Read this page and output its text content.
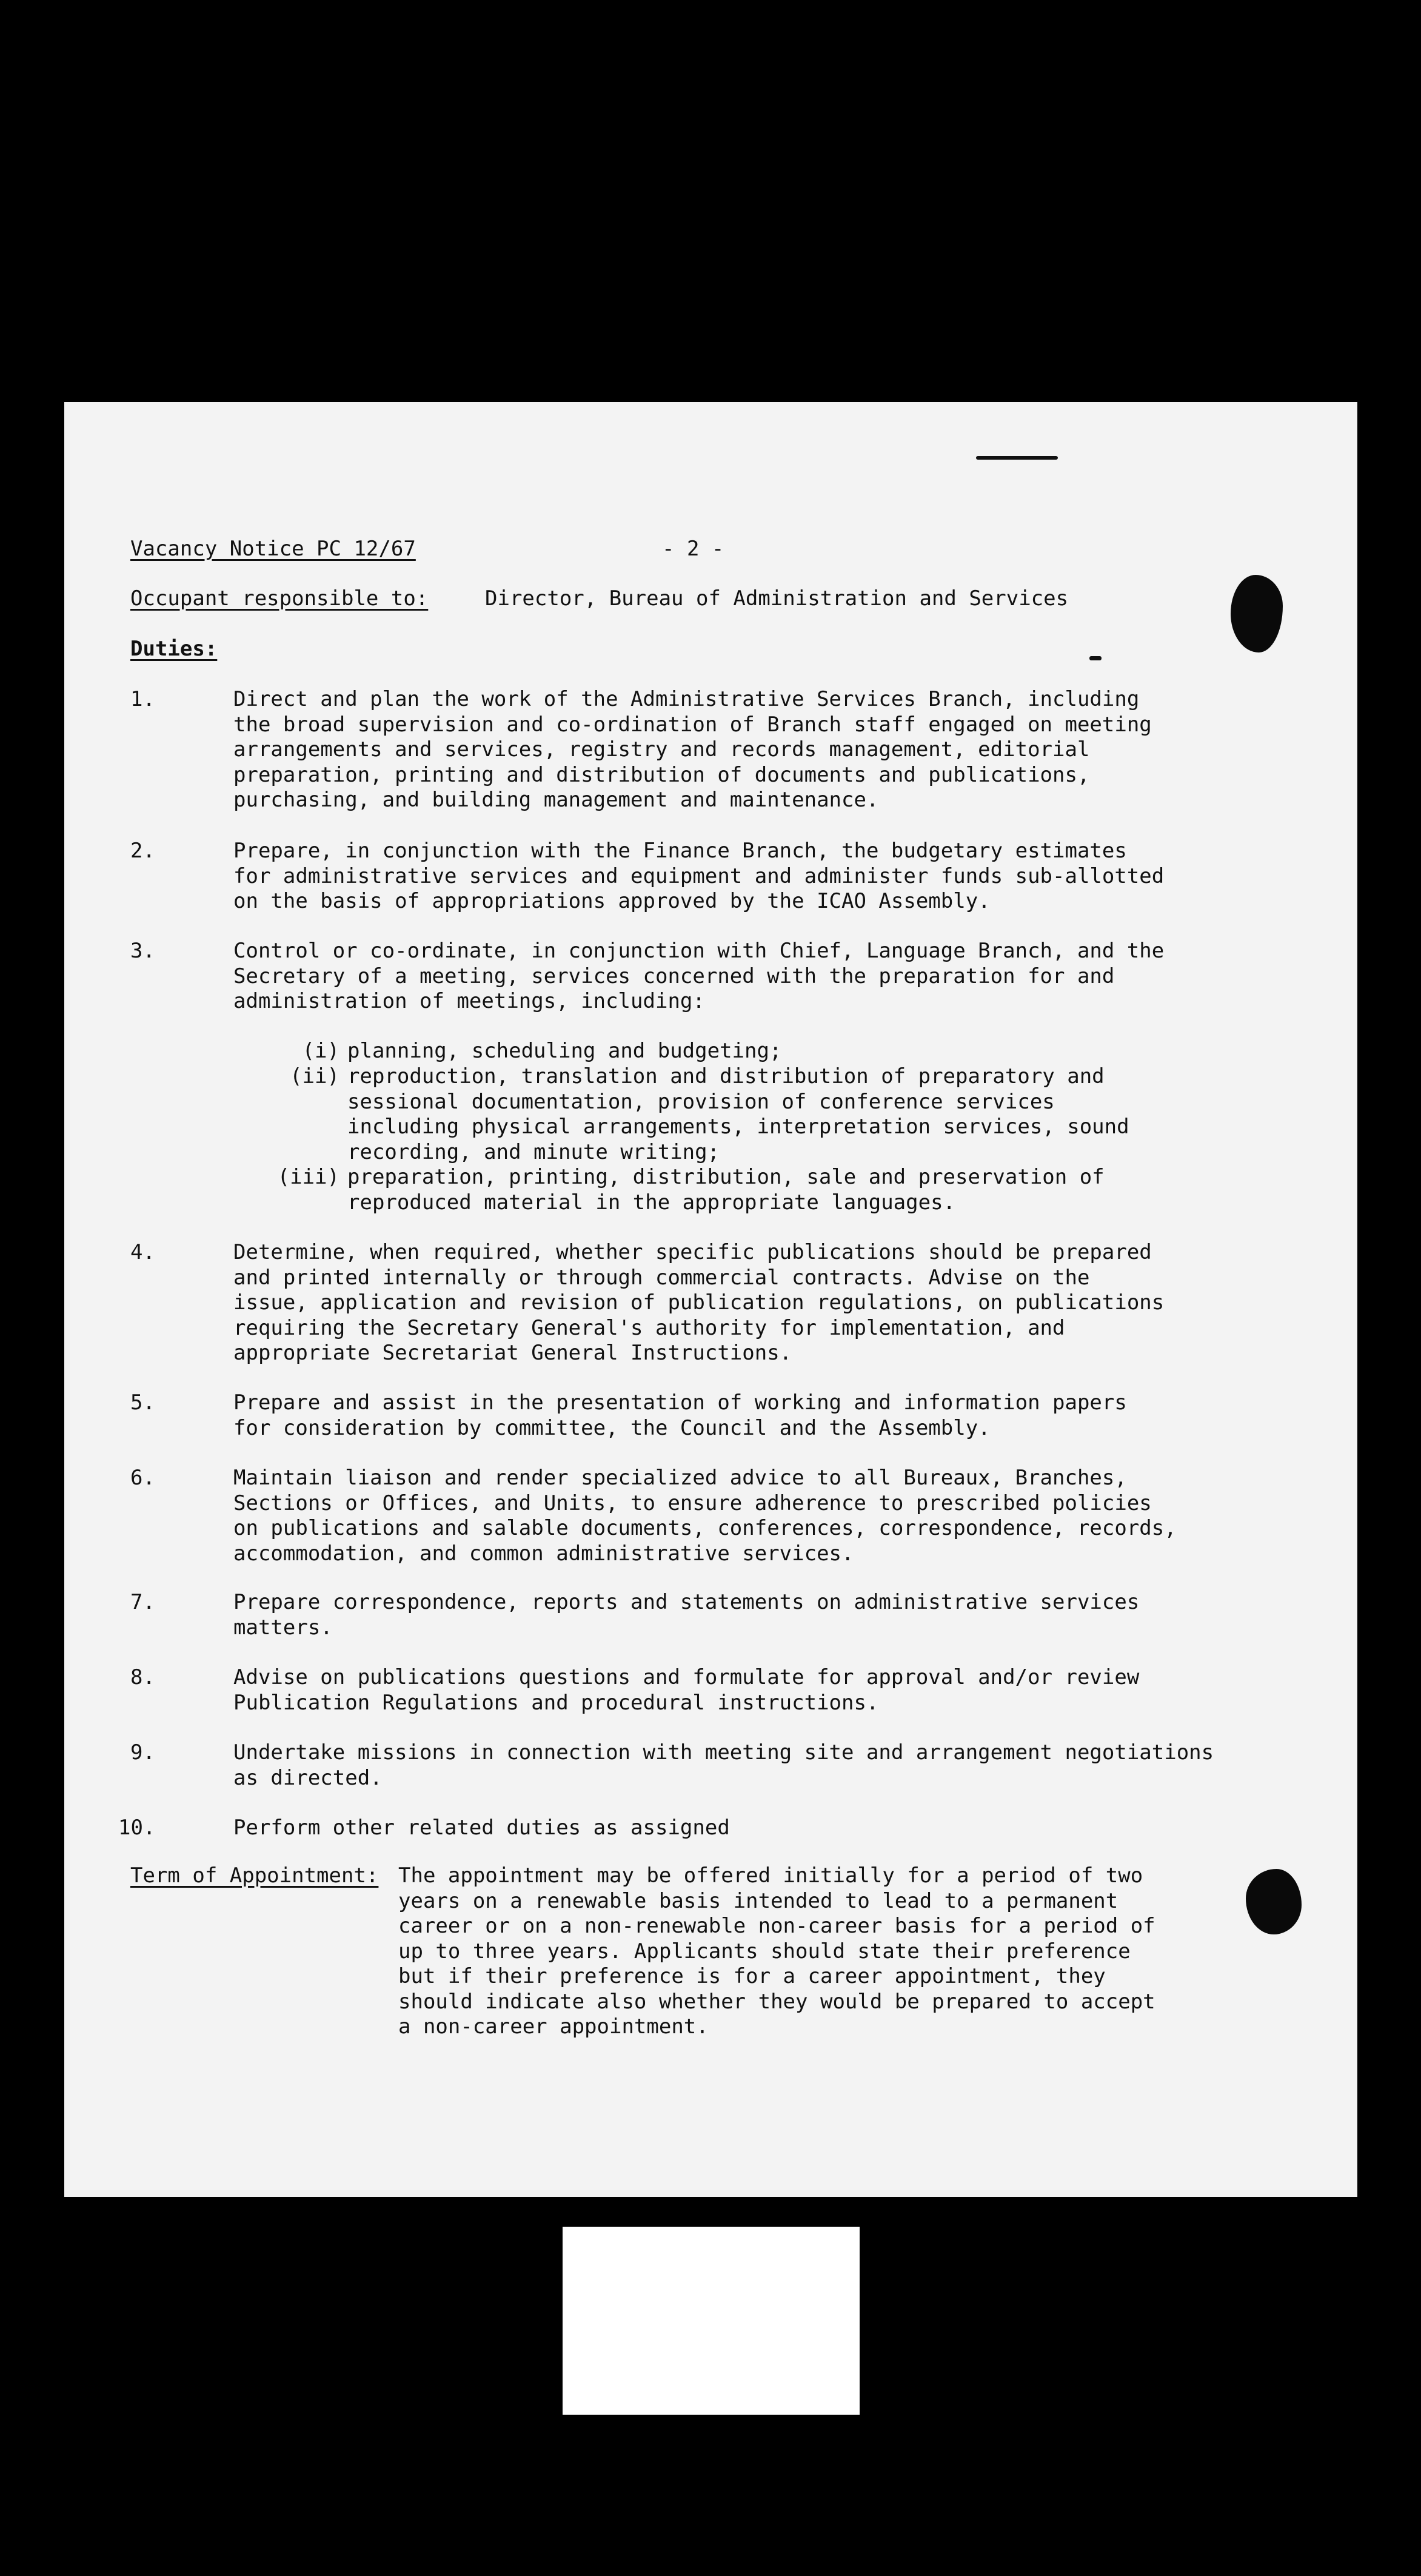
Vacancy Notice PC 12/67	- 2 -
Occupant responsible to:	Director, Bureau of Administration and Services
Duties:
1.	Direct and plan the work of the Administrative Services Branch, including
the broad supervision and co-ordination of Branch staff engaged on meeting
arrangements and services, registry and records management, editorial
preparation, printing and distribution of documents and publications,
purchasing, and building management and maintenance.
2.	Prepare, in conjunction with the Finance Branch, the budgetary estimates
for administrative services and equipment and administer funds sub-allotted
on the basis of appropriations approved by the ICAO Assembly.
3.	Control or co-ordinate, in conjunction with Chief, Language Branch, and the
Secretary of a meeting, services concerned with the preparation for and
administration of meetings, including:
(i) planning, scheduling and budgeting;
(ii) reproduction, translation and distribution of preparatory and
sessional documentation, provision of conference services
including physical arrangements, interpretation services, sound
recording, and minute writing;
(iii) preparation, printing, distribution, sale and preservation of
reproduced material in the appropriate languages.
4.	Determine, when required, whether specific publications should be prepared
and printed internally or through commercial contracts. Advise on the
issue, application and revision of publication regulations, on publications
requiring the Secretary General's authority for implementation, and
appropriate Secretariat General Instructions.
5.	Prepare and assist in the presentation of working and information papers
for consideration by committee, the Council and the Assembly.
6.	Maintain liaison and render specialized advice to all Bureaux, Branches,
Sections or Offices, and Units, to ensure adherence to prescribed policies
on publications and salable documents, conferences, correspondence, records,
accommodation, and common administrative services.
7.	Prepare correspondence, reports and statements on administrative services
matters.
8.	Advise on publications questions and formulate for approval and/or review
Publication Regulations and procedural instructions.
9.	Undertake missions in connection with meeting site and arrangement negotiations
as directed.
10.	Perform other related duties as assigned
Term of Appointment: The appointment may be offered initially for a period of two
years on a renewable basis intended to lead to a permanent
career or on a non-renewable non-career basis for a period of
up to three years. Applicants should state their preference
but if their preference is for a career appointment, they
should indicate also whether they would be prepared to accept
a non-career appointment.
